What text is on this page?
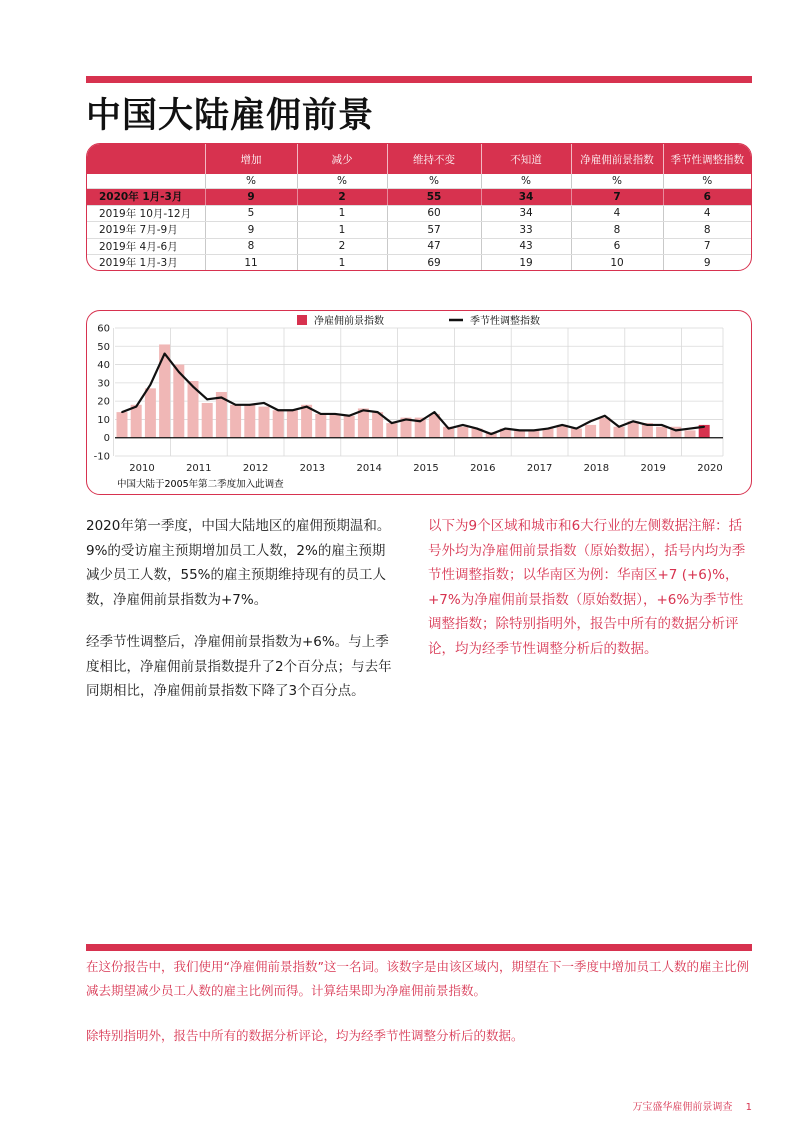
中国大陆雇佣前景
	增加	减少	维持不变	不知道	净雇佣前景指数	季节性调整指数
	%	%	%	%	%	%
2020年 1月-3月	9	2	55	34	7	6
2019年 10月-12月	5	1	60	34	4	4
2019年 7月-9月	9	1	57	33	8	8
2019年 4月-6月	8	2	47	43	6	7
2019年 1月-3月	11	1	69	19	10	9
60
50
40
30
20
10
0
-10
2010	2011	2012	2013	2014	2015	2016	2017	2018	2019	2020
净雇佣前景指数	季节性调整指数
中国大陆于2005年第二季度加入此调查

2020年第一季度，中国大陆地区的雇佣预期温和。9%的受访雇主预期增加员工人数，2%的雇主预期减少员工人数，55%的雇主预期维持现有的员工人数，净雇佣前景指数为+7%。

经季节性调整后，净雇佣前景指数为+6%。与上季度相比，净雇佣前景指数提升了2个百分点；与去年同期相比，净雇佣前景指数下降了3个百分点。

以下为9个区域和城市和6大行业的左侧数据注解：括号外均为净雇佣前景指数（原始数据），括号内均为季节性调整指数；以华南区为例：华南区+7 (+6)%，+7%为净雇佣前景指数（原始数据），+6%为季节性调整指数；除特别指明外，报告中所有的数据分析评论，均为经季节性调整分析后的数据。

在这份报告中，我们使用“净雇佣前景指数”这一名词。该数字是由该区域内，期望在下一季度中增加员工人数的雇主比例减去期望减少员工人数的雇主比例而得。计算结果即为净雇佣前景指数。

除特别指明外，报告中所有的数据分析评论，均为经季节性调整分析后的数据。

万宝盛华雇佣前景调查 1
